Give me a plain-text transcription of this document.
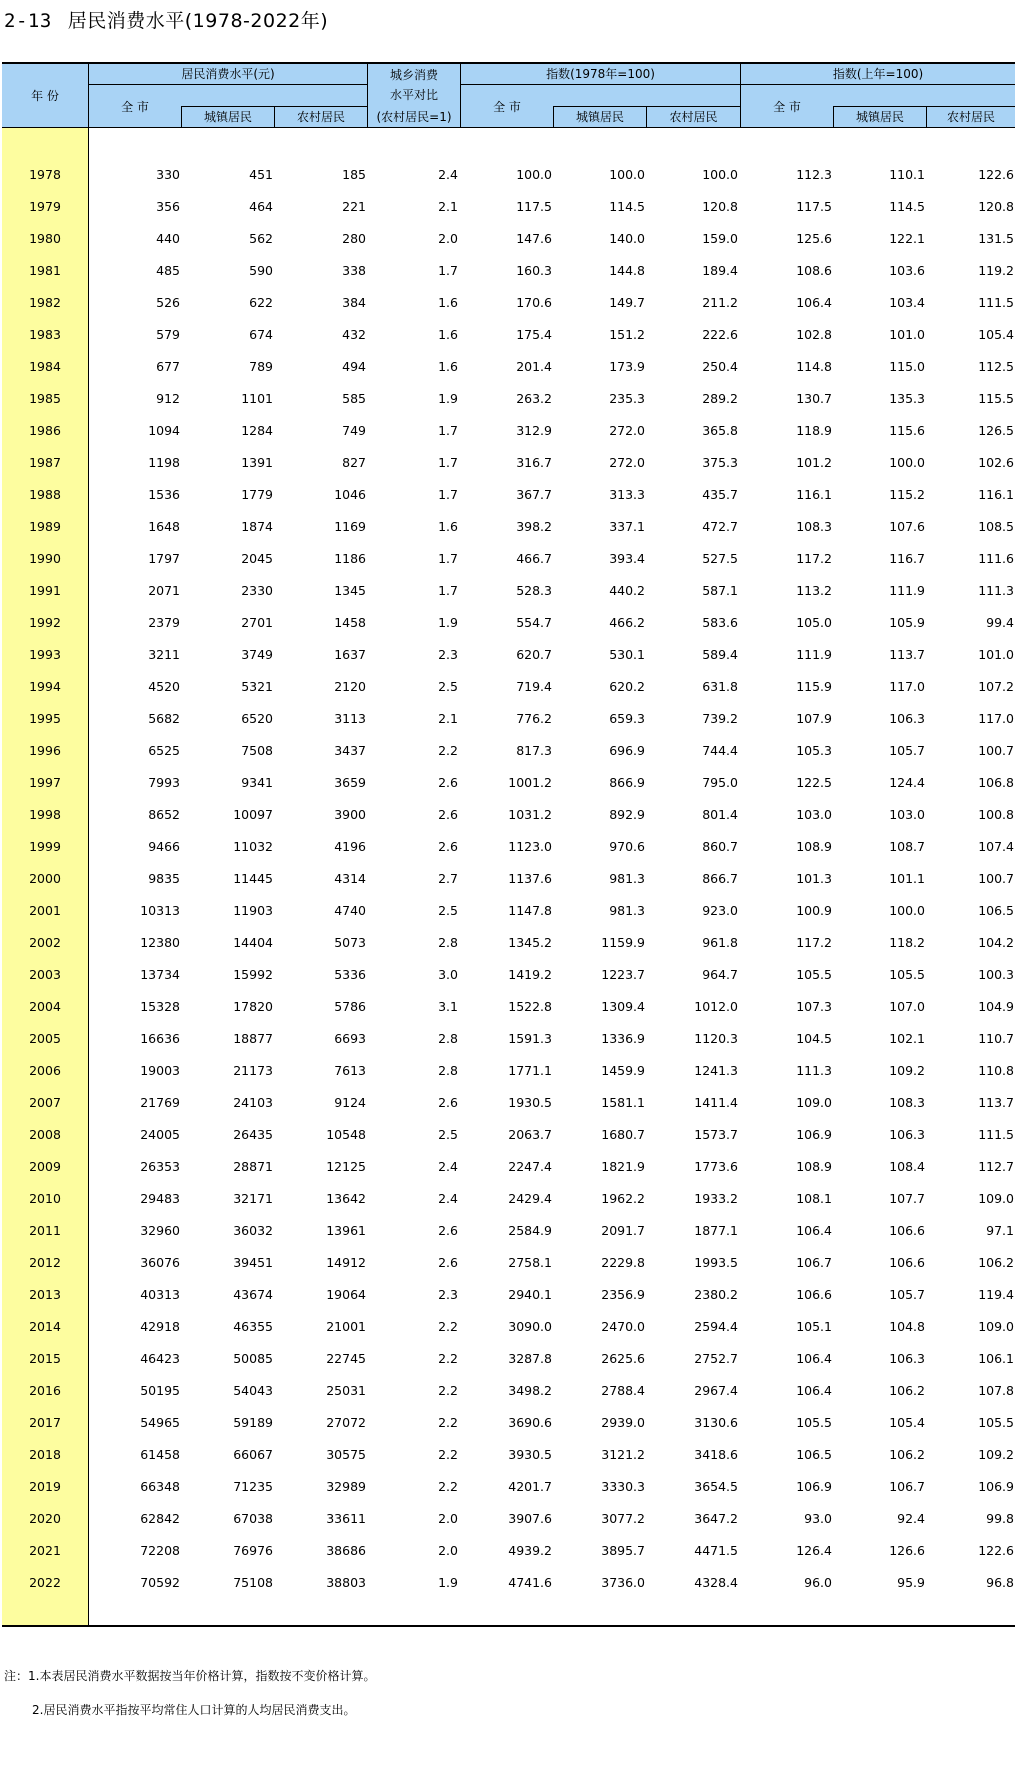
2-13 居民消费水平(1978-2022年)
年 份
居民消费水平(元)	城乡消费
水平对比
(农村居民=1)
指数(1978年=100)	指数(上年=100)
全 市
城镇居民	农村居民
全 市
城镇居民	农村居民
全 市
城镇居民	农村居民
1978	330	451	185	2.4	100.0	100.0	100.0	112.3	110.1	122.6
1979	356	464	221	2.1	117.5	114.5	120.8	117.5	114.5	120.8
1980	440	562	280	2.0	147.6	140.0	159.0	125.6	122.1	131.5
1981	485	590	338	1.7	160.3	144.8	189.4	108.6	103.6	119.2
1982	526	622	384	1.6	170.6	149.7	211.2	106.4	103.4	111.5
1983	579	674	432	1.6	175.4	151.2	222.6	102.8	101.0	105.4
1984	677	789	494	1.6	201.4	173.9	250.4	114.8	115.0	112.5
1985	912	1101	585	1.9	263.2	235.3	289.2	130.7	135.3	115.5
1986	1094	1284	749	1.7	312.9	272.0	365.8	118.9	115.6	126.5
1987	1198	1391	827	1.7	316.7	272.0	375.3	101.2	100.0	102.6
1988	1536	1779	1046	1.7	367.7	313.3	435.7	116.1	115.2	116.1
1989	1648	1874	1169	1.6	398.2	337.1	472.7	108.3	107.6	108.5
1990	1797	2045	1186	1.7	466.7	393.4	527.5	117.2	116.7	111.6
1991	2071	2330	1345	1.7	528.3	440.2	587.1	113.2	111.9	111.3
1992	2379	2701	1458	1.9	554.7	466.2	583.6	105.0	105.9	99.4
1993	3211	3749	1637	2.3	620.7	530.1	589.4	111.9	113.7	101.0
1994	4520	5321	2120	2.5	719.4	620.2	631.8	115.9	117.0	107.2
1995	5682	6520	3113	2.1	776.2	659.3	739.2	107.9	106.3	117.0
1996	6525	7508	3437	2.2	817.3	696.9	744.4	105.3	105.7	100.7
1997	7993	9341	3659	2.6	1001.2	866.9	795.0	122.5	124.4	106.8
1998	8652	10097	3900	2.6	1031.2	892.9	801.4	103.0	103.0	100.8
1999	9466	11032	4196	2.6	1123.0	970.6	860.7	108.9	108.7	107.4
2000	9835	11445	4314	2.7	1137.6	981.3	866.7	101.3	101.1	100.7
2001	10313	11903	4740	2.5	1147.8	981.3	923.0	100.9	100.0	106.5
2002	12380	14404	5073	2.8	1345.2	1159.9	961.8	117.2	118.2	104.2
2003	13734	15992	5336	3.0	1419.2	1223.7	964.7	105.5	105.5	100.3
2004	15328	17820	5786	3.1	1522.8	1309.4	1012.0	107.3	107.0	104.9
2005	16636	18877	6693	2.8	1591.3	1336.9	1120.3	104.5	102.1	110.7
2006	19003	21173	7613	2.8	1771.1	1459.9	1241.3	111.3	109.2	110.8
2007	21769	24103	9124	2.6	1930.5	1581.1	1411.4	109.0	108.3	113.7
2008	24005	26435	10548	2.5	2063.7	1680.7	1573.7	106.9	106.3	111.5
2009	26353	28871	12125	2.4	2247.4	1821.9	1773.6	108.9	108.4	112.7
2010	29483	32171	13642	2.4	2429.4	1962.2	1933.2	108.1	107.7	109.0
2011	32960	36032	13961	2.6	2584.9	2091.7	1877.1	106.4	106.6	97.1
2012	36076	39451	14912	2.6	2758.1	2229.8	1993.5	106.7	106.6	106.2
2013	40313	43674	19064	2.3	2940.1	2356.9	2380.2	106.6	105.7	119.4
2014	42918	46355	21001	2.2	3090.0	2470.0	2594.4	105.1	104.8	109.0
2015	46423	50085	22745	2.2	3287.8	2625.6	2752.7	106.4	106.3	106.1
2016	50195	54043	25031	2.2	3498.2	2788.4	2967.4	106.4	106.2	107.8
2017	54965	59189	27072	2.2	3690.6	2939.0	3130.6	105.5	105.4	105.5
2018	61458	66067	30575	2.2	3930.5	3121.2	3418.6	106.5	106.2	109.2
2019	66348	71235	32989	2.2	4201.7	3330.3	3654.5	106.9	106.7	106.9
2020	62842	67038	33611	2.0	3907.6	3077.2	3647.2	93.0	92.4	99.8
2021	72208	76976	38686	2.0	4939.2	3895.7	4471.5	126.4	126.6	122.6
2022	70592	75108	38803	1.9	4741.6	3736.0	4328.4	96.0	95.9	96.8
注：1.本表居民消费水平数据按当年价格计算，指数按不变价格计算。
2.居民消费水平指按平均常住人口计算的人均居民消费支出。
